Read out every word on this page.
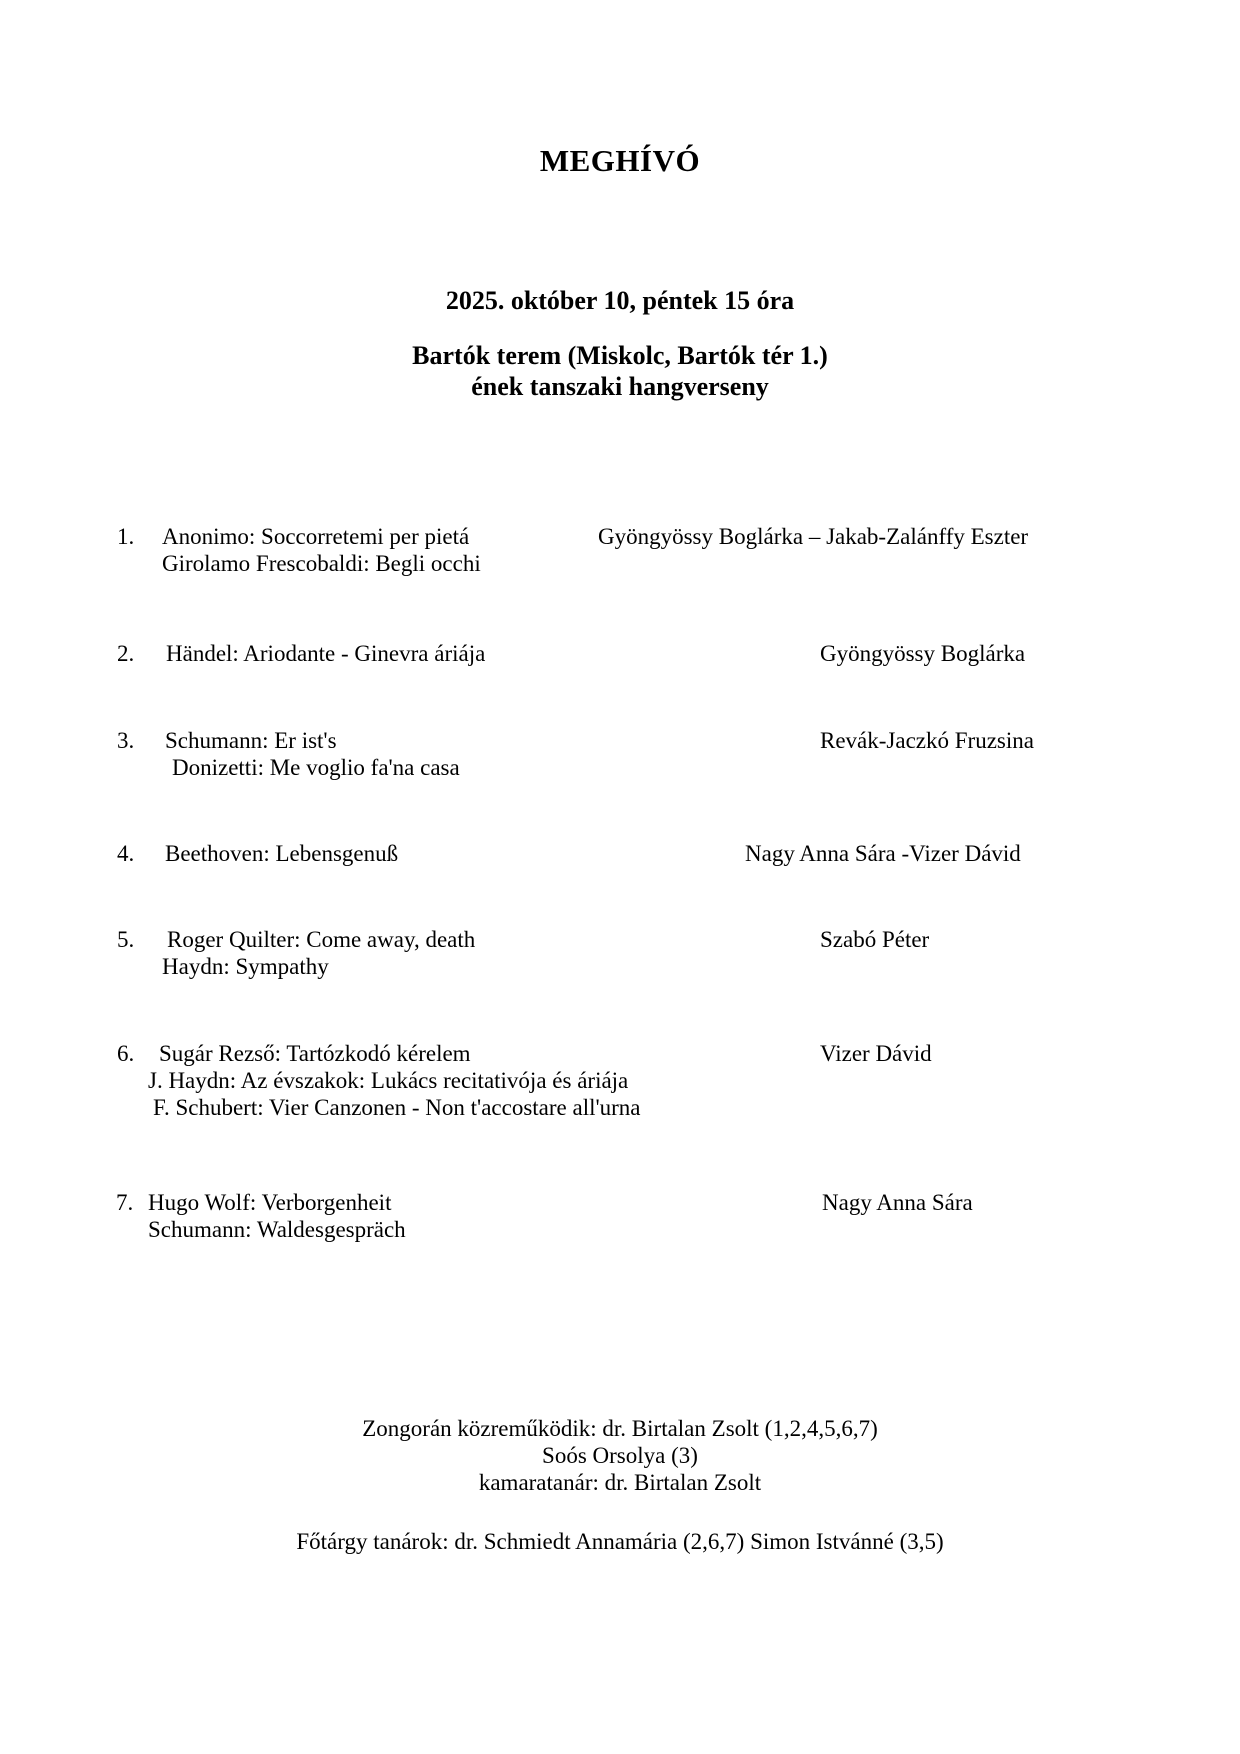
MEGHÍVÓ
2025. október 10, péntek 15 óra
Bartók terem (Miskolc, Bartók tér 1.)
ének tanszaki hangverseny
1. Anonimo: Soccorretemi per pietá
Girolamo Frescobaldi: Begli occhi
Gyöngyössy Boglárka – Jakab-Zalánffy Eszter
2. Händel: Ariodante - Ginevra áriája	Gyöngyössy Boglárka
3. Schumann: Er ist's
Donizetti: Me voglio fa'na casa
Revák-Jaczkó Fruzsina
4. Beethoven: Lebensgenuß	Nagy Anna Sára -Vizer Dávid
5. Roger Quilter: Come away, death
Haydn: Sympathy
Szabó Péter
6. Sugár Rezső: Tartózkodó kérelem
J. Haydn: Az évszakok: Lukács recitativója és áriája
F. Schubert: Vier Canzonen - Non t'accostare all'urna
Vizer Dávid
7. Hugo Wolf: Verborgenheit
Schumann: Waldesgespräch
Nagy Anna Sára
Zongorán közreműködik: dr. Birtalan Zsolt (1,2,4,5,6,7)
Soós Orsolya (3)
kamaratanár: dr. Birtalan Zsolt
Főtárgy tanárok: dr. Schmiedt Annamária (2,6,7) Simon Istvánné (3,5)
